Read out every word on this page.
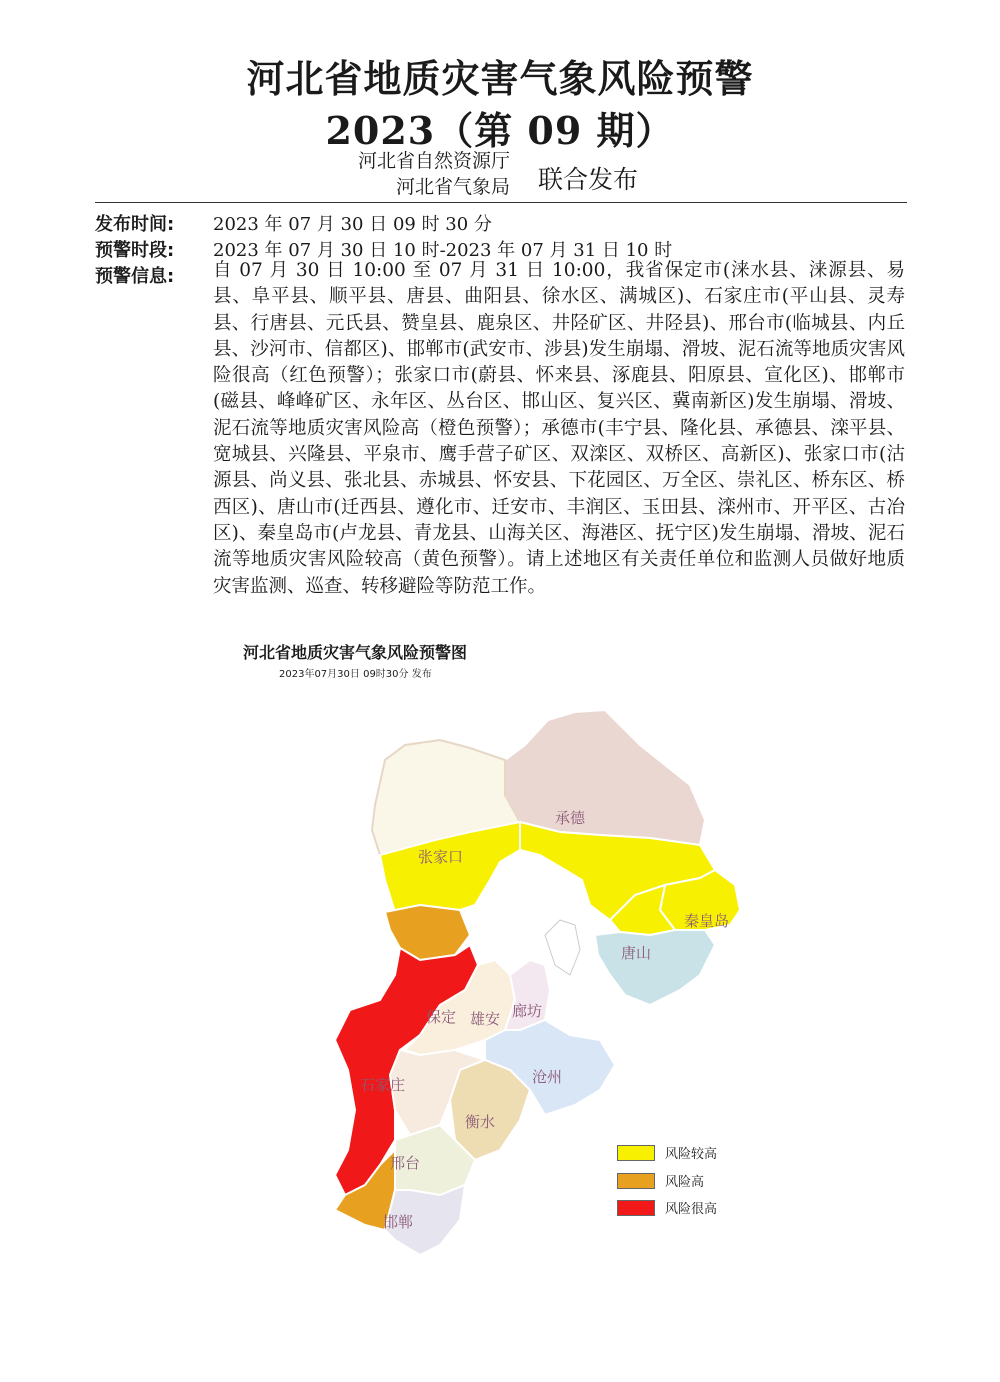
河北省地质灾害气象风险预警
2023（第 09 期）
河北省自然资源厅
河北省气象局 联合发布
发布时间: 2023 年 07 月 30 日 09 时 30 分
预警时段: 2023 年 07 月 30 日 10 时-2023 年 07 月 31 日 10 时
预警信息: 自 07 月 30 日 10:00 至 07 月 31 日 10:00，我省保定市(涞水县、涞源县、易县、阜平县、顺平县、唐县、曲阳县、徐水区、满城区)、石家庄市(平山县、灵寿县、行唐县、元氏县、赞皇县、鹿泉区、井陉矿区、井陉县)、邢台市(临城县、内丘县、沙河市、信都区)、邯郸市(武安市、涉县)发生崩塌、滑坡、泥石流等地质灾害风险很高（红色预警）；张家口市(蔚县、怀来县、涿鹿县、阳原县、宣化区)、邯郸市(磁县、峰峰矿区、永年区、丛台区、邯山区、复兴区、冀南新区)发生崩塌、滑坡、泥石流等地质灾害风险高（橙色预警）；承德市(丰宁县、隆化县、承德县、滦平县、宽城县、兴隆县、平泉市、鹰手营子矿区、双滦区、双桥区、高新区)、张家口市(沽源县、尚义县、张北县、赤城县、怀安县、下花园区、万全区、崇礼区、桥东区、桥西区)、唐山市(迁西县、遵化市、迁安市、丰润区、玉田县、滦州市、开平区、古冶区)、秦皇岛市(卢龙县、青龙县、山海关区、海港区、抚宁区)发生崩塌、滑坡、泥石流等地质灾害风险较高（黄色预警）。请上述地区有关责任单位和监测人员做好地质灾害监测、巡查、转移避险等防范工作。
河北省地质灾害气象风险预警图
2023年07月30日 09时30分 发布
承德
张家口
秦皇岛
唐山
保定 雄安 廊坊
沧州
石家庄
衡水
邢台
邯郸
风险较高
风险高
风险很高
